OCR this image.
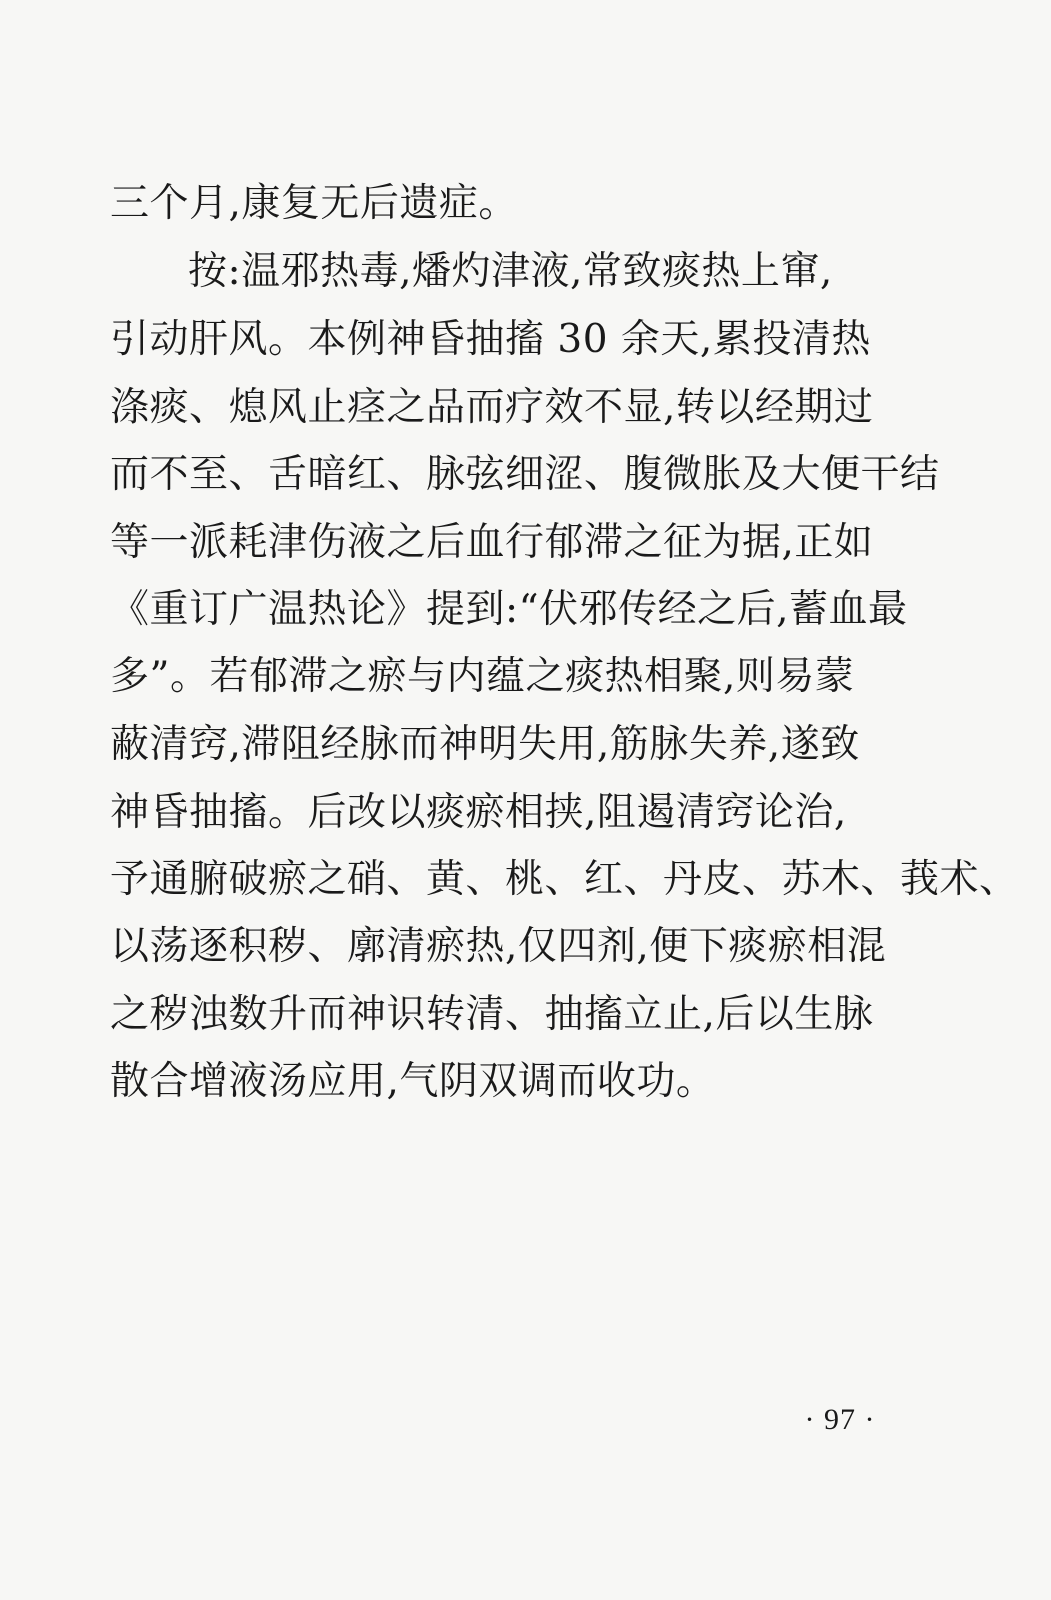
三个月,康复无后遗症。
按:温邪热毒,燔灼津液,常致痰热上窜,
引动肝风。本例神昏抽搐 30 余天,累投清热
涤痰、熄风止痉之品而疗效不显,转以经期过
而不至、舌暗红、脉弦细涩、腹微胀及大便干结
等一派耗津伤液之后血行郁滞之征为据,正如
《重订广温热论》提到:“伏邪传经之后,蓄血最
多”。若郁滞之瘀与内蕴之痰热相聚,则易蒙
蔽清窍,滞阻经脉而神明失用,筋脉失养,遂致
神昏抽搐。后改以痰瘀相挟,阻遏清窍论治,
予通腑破瘀之硝、黄、桃、红、丹皮、苏木、莪术、
以荡逐积秽、廓清瘀热,仅四剂,便下痰瘀相混
之秽浊数升而神识转清、抽搐立止,后以生脉
散合增液汤应用,气阴双调而收功。
· 97 ·
